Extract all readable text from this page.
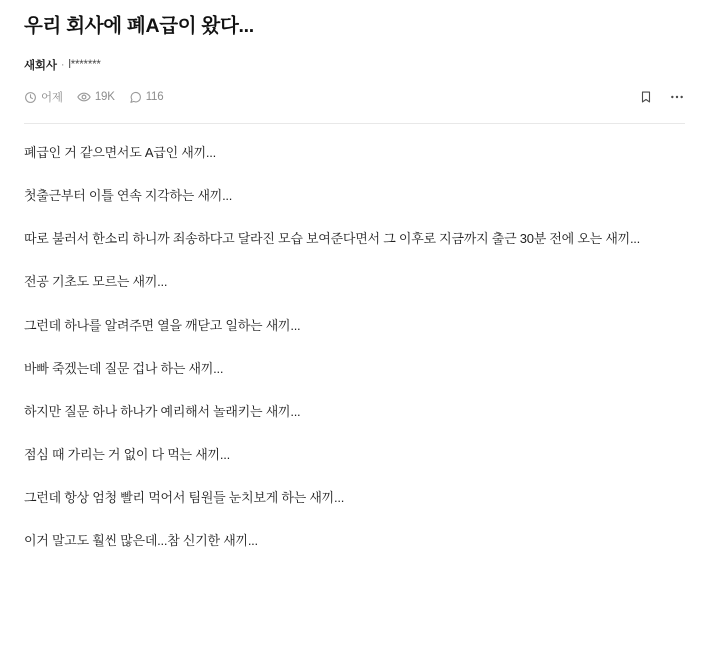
우리 회사에 폐A급이 왔다...
새회사 · l*******
어제	19K	116

폐급인 거 같으면서도 A급인 새끼...

첫출근부터 이틀 연속 지각하는 새끼...

따로 불러서 한소리 하니까 죄송하다고 달라진 모습 보여준다면서 그 이후로 지금까지 출근 30분 전에 오는 새끼...

전공 기초도 모르는 새끼...

그런데 하나를 알려주면 열을 깨닫고 일하는 새끼...

바빠 죽겠는데 질문 겁나 하는 새끼...

하지만 질문 하나 하나가 예리해서 놀래키는 새끼...

점심 때 가리는 거 없이 다 먹는 새끼...

그런데 항상 엄청 빨리 먹어서 팀원들 눈치보게 하는 새끼...

이거 말고도 훨씬 많은데...참 신기한 새끼...
